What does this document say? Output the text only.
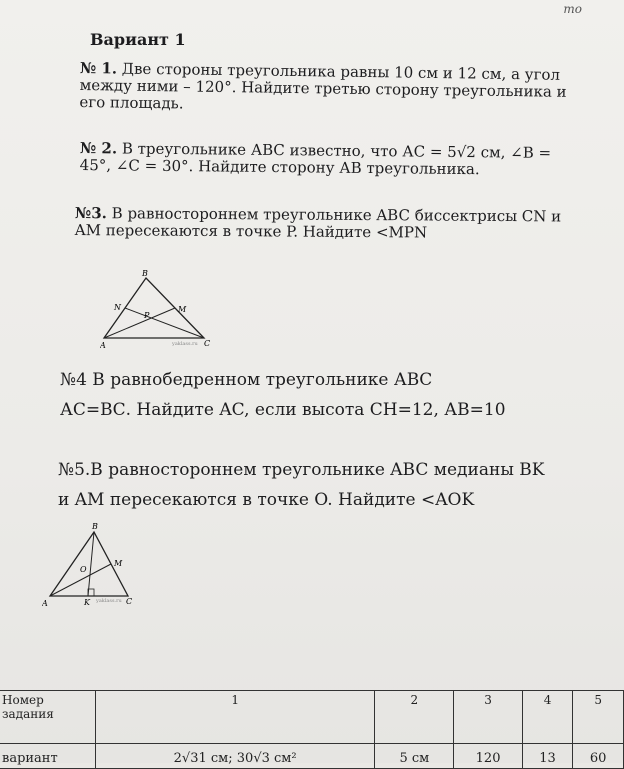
то
Вариант 1
№ 1. Две стороны треугольника равны 10 см и 12 см, а угол между ними – 120°. Найдите третью сторону треугольника и его площадь.
№ 2. В треугольнике АВС известно, что АС = 5√2 см, ∠В = 45°, ∠С = 30°. Найдите сторону АВ треугольника.
№3. В равностороннем треугольнике ABC биссектрисы CN и AM пересекаются в точке P. Найдите <MPN
B
N
P
M
A	yaklass.ru C
№4 В равнобедренном треугольнике АВС
АС=ВС. Найдите AC, если высота СН=12, АВ=10
№5.В равностороннем треугольнике ABC медианы BK
и AM пересекаются в точке O. Найдите <AOK
B
O
M
A	K yaklass.ru C
Номер задания	1	2	3	4	5
вариант	2√31 см; 30√3 см²	5 см	120	13	60
